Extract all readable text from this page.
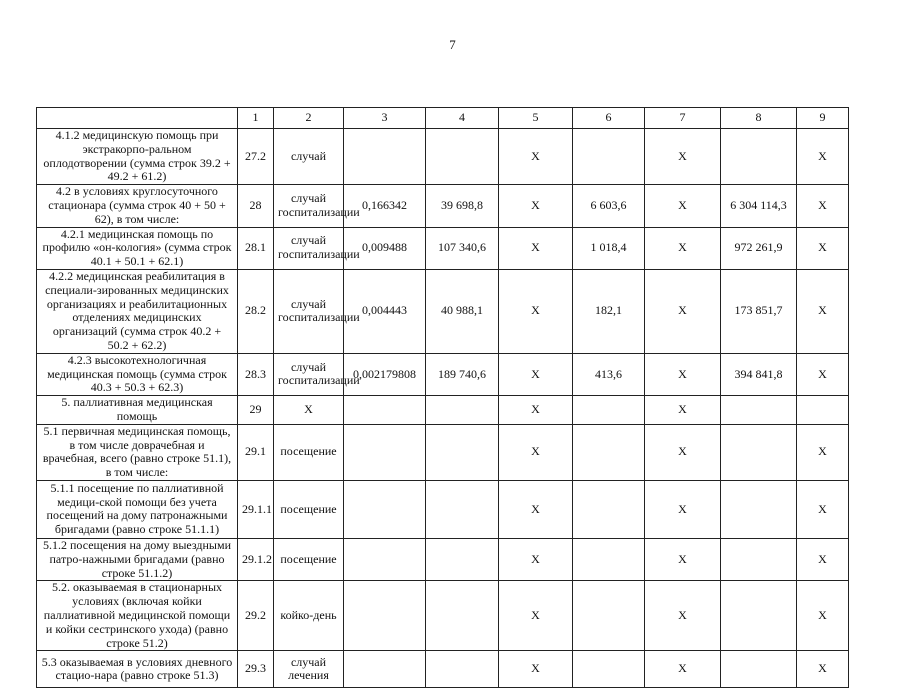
7
	1	2	3	4	5	6	7	8	9
4.1.2 медицинскую помощь при экстракорпо-ральном оплодотворении (сумма строк 39.2 + 49.2 + 61.2)	27.2	случай			X		X		X
4.2 в условиях круглосуточного стационара (сумма строк 40 + 50 + 62), в том числе:	28	случай госпитализации	0,166342	39 698,8	X	6 603,6	X	6 304 114,3	X
4.2.1 медицинская помощь по профилю «он-кология» (сумма строк 40.1 + 50.1 + 62.1)	28.1	случай госпитализации	0,009488	107 340,6	X	1 018,4	X	972 261,9	X
4.2.2 медицинская реабилитация в специали-зированных медицинских организациях и реабилитационных отделениях медицинских организаций (сумма строк 40.2 + 50.2 + 62.2)	28.2	случай госпитализации	0,004443	40 988,1	X	182,1	X	173 851,7	X
4.2.3 высокотехнологичная медицинская помощь (сумма строк 40.3 + 50.3 + 62.3)	28.3	случай госпитализации	0,002179808	189 740,6	X	413,6	X	394 841,8	X
5. паллиативная медицинская помощь	29	X			X		X		
5.1 первичная медицинская помощь, в том числе доврачебная и врачебная, всего (равно строке 51.1), в том числе:	29.1	посещение			X		X		X
5.1.1 посещение по паллиативной медици-ской помощи без учета посещений на дому патронажными бригадами (равно строке 51.1.1)	29.1.1	посещение			X		X		X
5.1.2 посещения на дому выездными патро-нажными бригадами (равно строке 51.1.2)	29.1.2	посещение			X		X		X
5.2. оказываемая в стационарных условиях (включая койки паллиативной медицинской помощи и койки сестринского ухода) (равно строке 51.2)	29.2	койко-день			X		X		X
5.3 оказываемая в условиях дневного стацио-нара (равно строке 51.3)	29.3	случай лечения			X		X		X
